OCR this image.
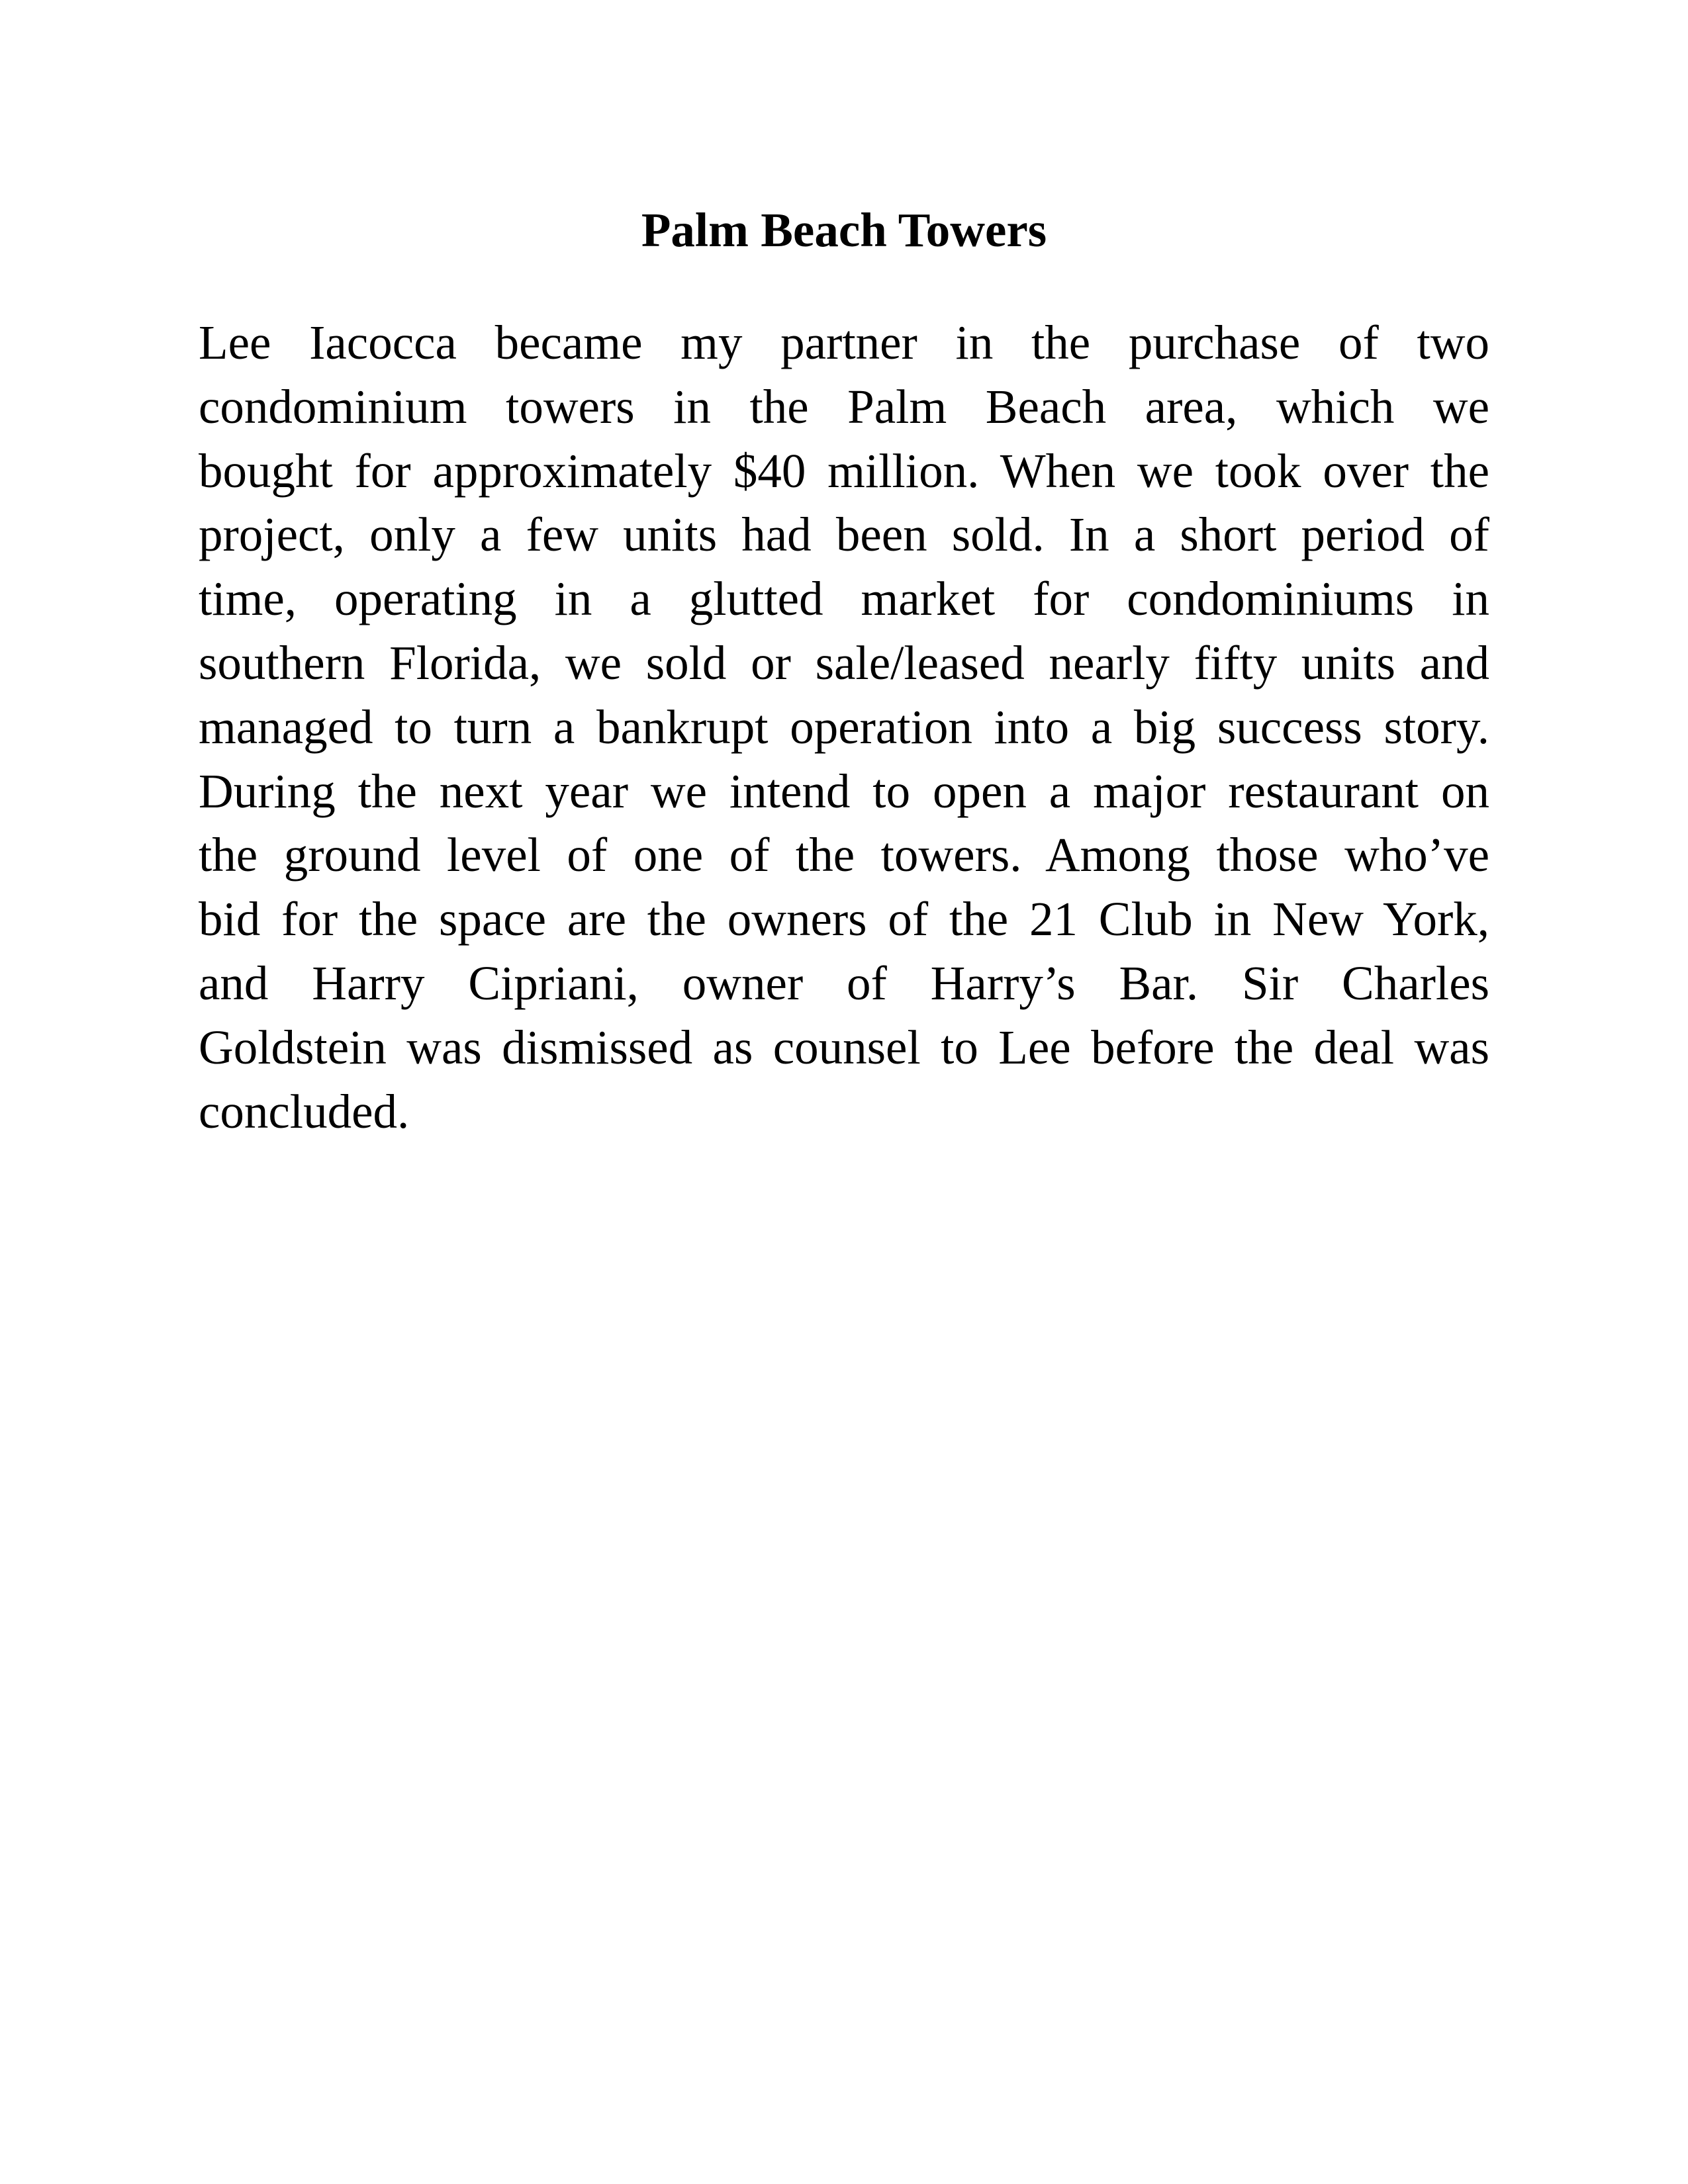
Palm Beach Towers

Lee Iacocca became my partner in the purchase of two
condominium towers in the Palm Beach area, which we
bought for approximately $40 million. When we took over the
project, only a few units had been sold. In a short period of
time, operating in a glutted market for condominiums in
southern Florida, we sold or sale/leased nearly fifty units and
managed to turn a bankrupt operation into a big success story.
During the next year we intend to open a major restaurant on
the ground level of one of the towers. Among those who’ve
bid for the space are the owners of the 21 Club in New York,
and Harry Cipriani, owner of Harry’s Bar. Sir Charles
Goldstein was dismissed as counsel to Lee before the deal was
concluded.
